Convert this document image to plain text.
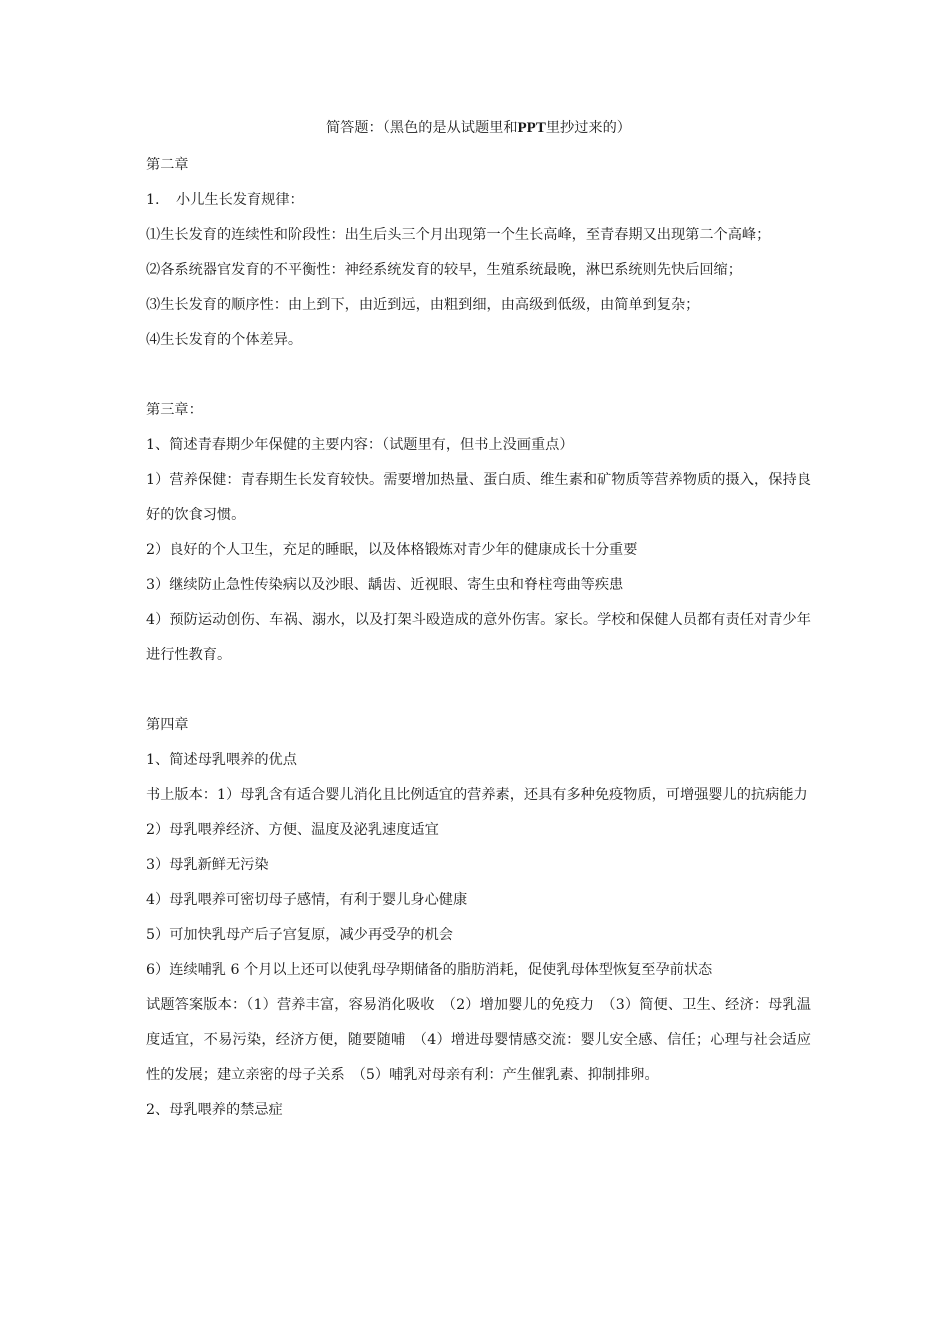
简答题：（黑色的是从试题里和PPT里抄过来的）

第二章

1. 小儿生长发育规律：

⑴生长发育的连续性和阶段性：出生后头三个月出现第一个生长高峰，至青春期又出现第二个高峰；

⑵各系统器官发育的不平衡性：神经系统发育的较早，生殖系统最晚，淋巴系统则先快后回缩；

⑶生长发育的顺序性：由上到下，由近到远，由粗到细，由高级到低级，由简单到复杂；

⑷生长发育的个体差异。

第三章：

1、简述青春期少年保健的主要内容：（试题里有，但书上没画重点）

1）营养保健：青春期生长发育较快。需要增加热量、蛋白质、维生素和矿物质等营养物质的摄入，保持良好的饮食习惯。

2）良好的个人卫生，充足的睡眠，以及体格锻炼对青少年的健康成长十分重要

3）继续防止急性传染病以及沙眼、龋齿、近视眼、寄生虫和脊柱弯曲等疾患

4）预防运动创伤、车祸、溺水，以及打架斗殴造成的意外伤害。家长。学校和保健人员都有责任对青少年进行性教育。

第四章

1、简述母乳喂养的优点

书上版本：1）母乳含有适合婴儿消化且比例适宜的营养素，还具有多种免疫物质，可增强婴儿的抗病能力

2）母乳喂养经济、方便、温度及泌乳速度适宜

3）母乳新鲜无污染

4）母乳喂养可密切母子感情，有利于婴儿身心健康

5）可加快乳母产后子宫复原，减少再受孕的机会

6）连续哺乳 6 个月以上还可以使乳母孕期储备的脂肪消耗，促使乳母体型恢复至孕前状态

试题答案版本：（1）营养丰富，容易消化吸收　（2）增加婴儿的免疫力　（3）简便、卫生、经济：母乳温度适宜，不易污染，经济方便，随要随哺　（4）增进母婴情感交流：婴儿安全感、信任；心理与社会适应性的发展；建立亲密的母子关系　（5）哺乳对母亲有利：产生催乳素、抑制排卵。

2、母乳喂养的禁忌症
